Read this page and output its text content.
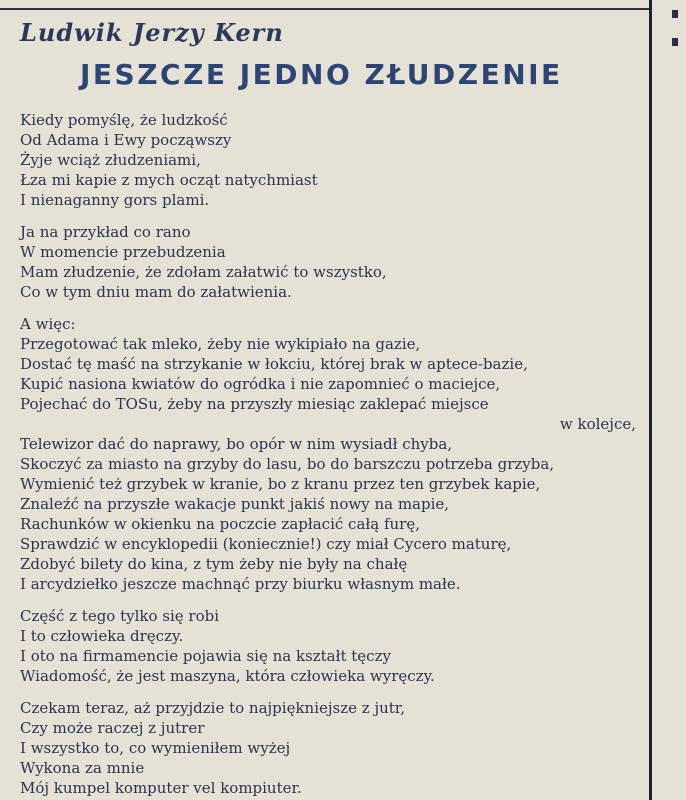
Ludwik Jerzy Kern
JESZCZE JEDNO ZŁUDZENIE
Kiedy pomyślę, że ludzkość
Od Adama i Ewy począwszy
Żyje wciąż złudzeniami,
Łza mi kapie z mych ocząt natychmiast
I nienaganny gors plami.
Ja na przykład co rano
W momencie przebudzenia
Mam złudzenie, że zdołam załatwić to wszystko,
Co w tym dniu mam do załatwienia.
A więc:
Przegotować tak mleko, żeby nie wykipiało na gazie,
Dostać tę maść na strzykanie w łokciu, której brak w aptece-bazie,
Kupić nasiona kwiatów do ogródka i nie zapomnieć o maciejce,
Pojechać do TOSu, żeby na przyszły miesiąc zaklepać miejsce
w kolejce,
Telewizor dać do naprawy, bo opór w nim wysiadł chyba,
Skoczyć za miasto na grzyby do lasu, bo do barszczu potrzeba grzyba,
Wymienić też grzybek w kranie, bo z kranu przez ten grzybek kapie,
Znaleźć na przyszłe wakacje punkt jakiś nowy na mapie,
Rachunków w okienku na poczcie zapłacić całą furę,
Sprawdzić w encyklopedii (koniecznie!) czy miał Cycero maturę,
Zdobyć bilety do kina, z tym żeby nie były na chałę
I arcydziełko jeszcze machnąć przy biurku własnym małe.
Część z tego tylko się robi
I to człowieka dręczy.
I oto na firmamencie pojawia się na kształt tęczy
Wiadomość, że jest maszyna, która człowieka wyręczy.
Czekam teraz, aż przyjdzie to najpiękniejsze z jutr,
Czy może raczej z jutrer
I wszystko to, co wymieniłem wyżej
Wykona za mnie
Mój kumpel komputer vel kompiuter.
